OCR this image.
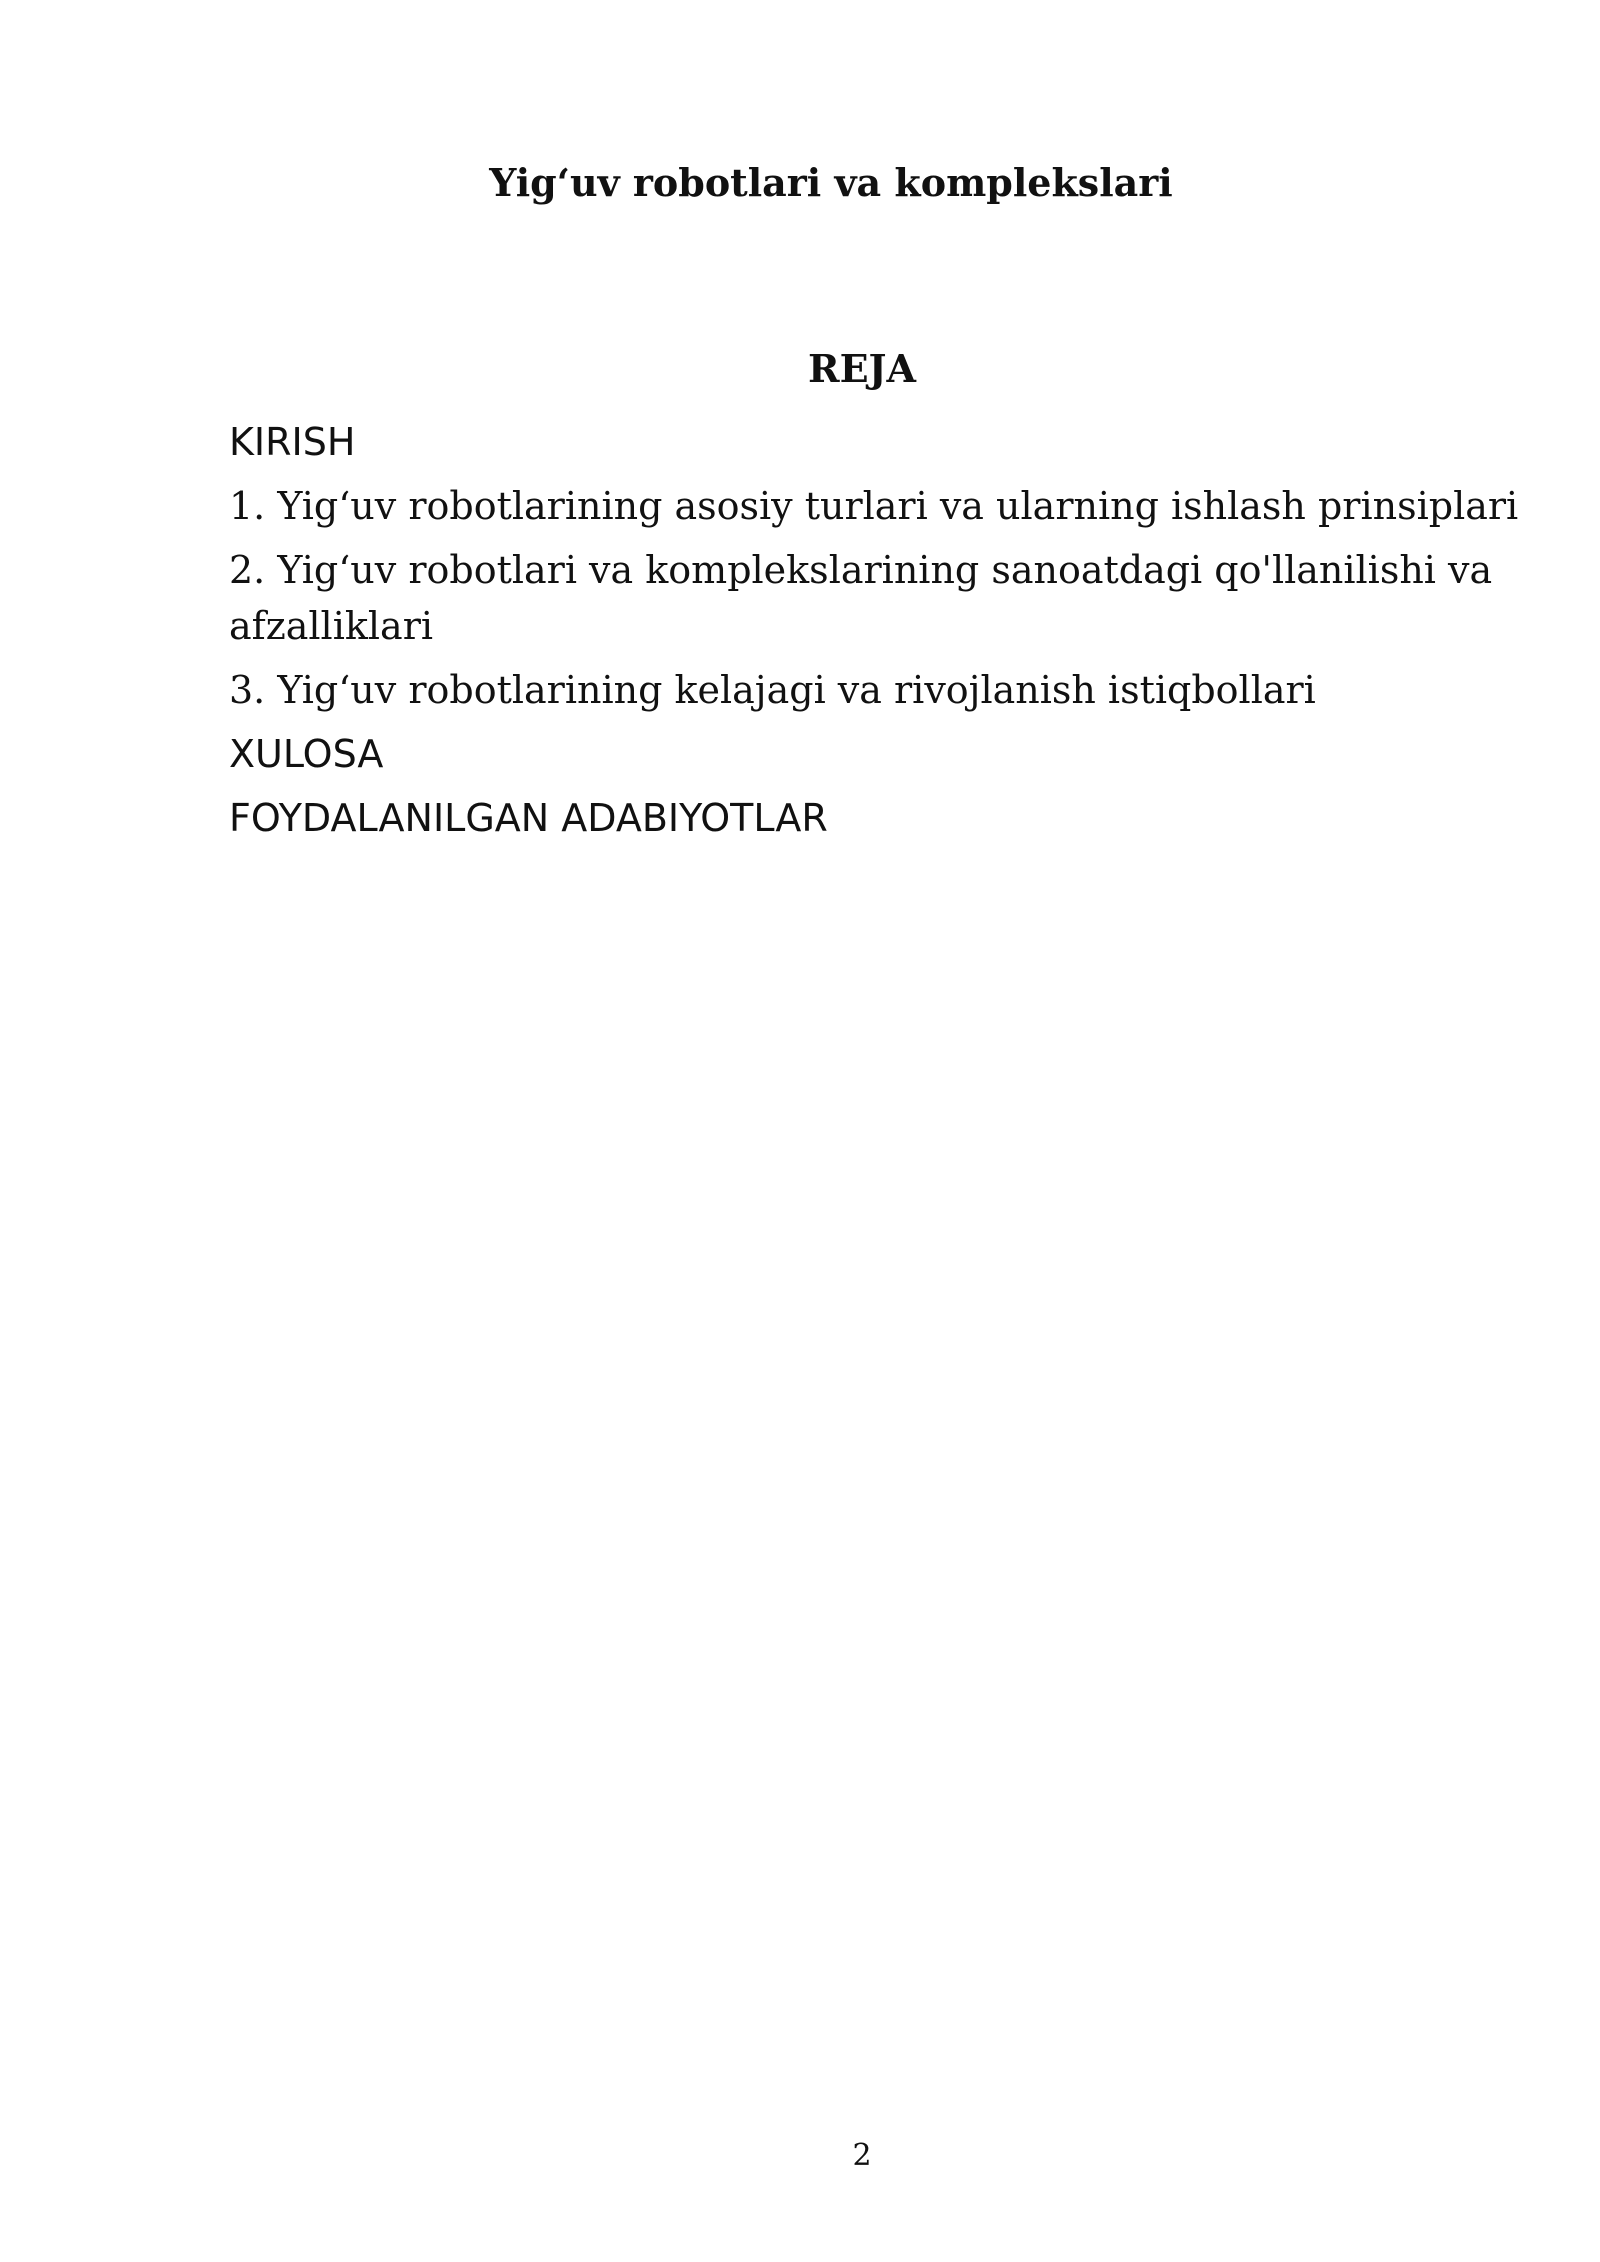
Yig‘uv robotlari va komplekslari
REJA
KIRISH
1. Yig‘uv robotlarining asosiy turlari va ularning ishlash prinsiplari
2. Yig‘uv robotlari va komplekslarining sanoatdagi qo'llanilishi va afzalliklari
3. Yig‘uv robotlarining kelajagi va rivojlanish istiqbollari
XULOSA
FOYDALANILGAN ADABIYOTLAR
2
